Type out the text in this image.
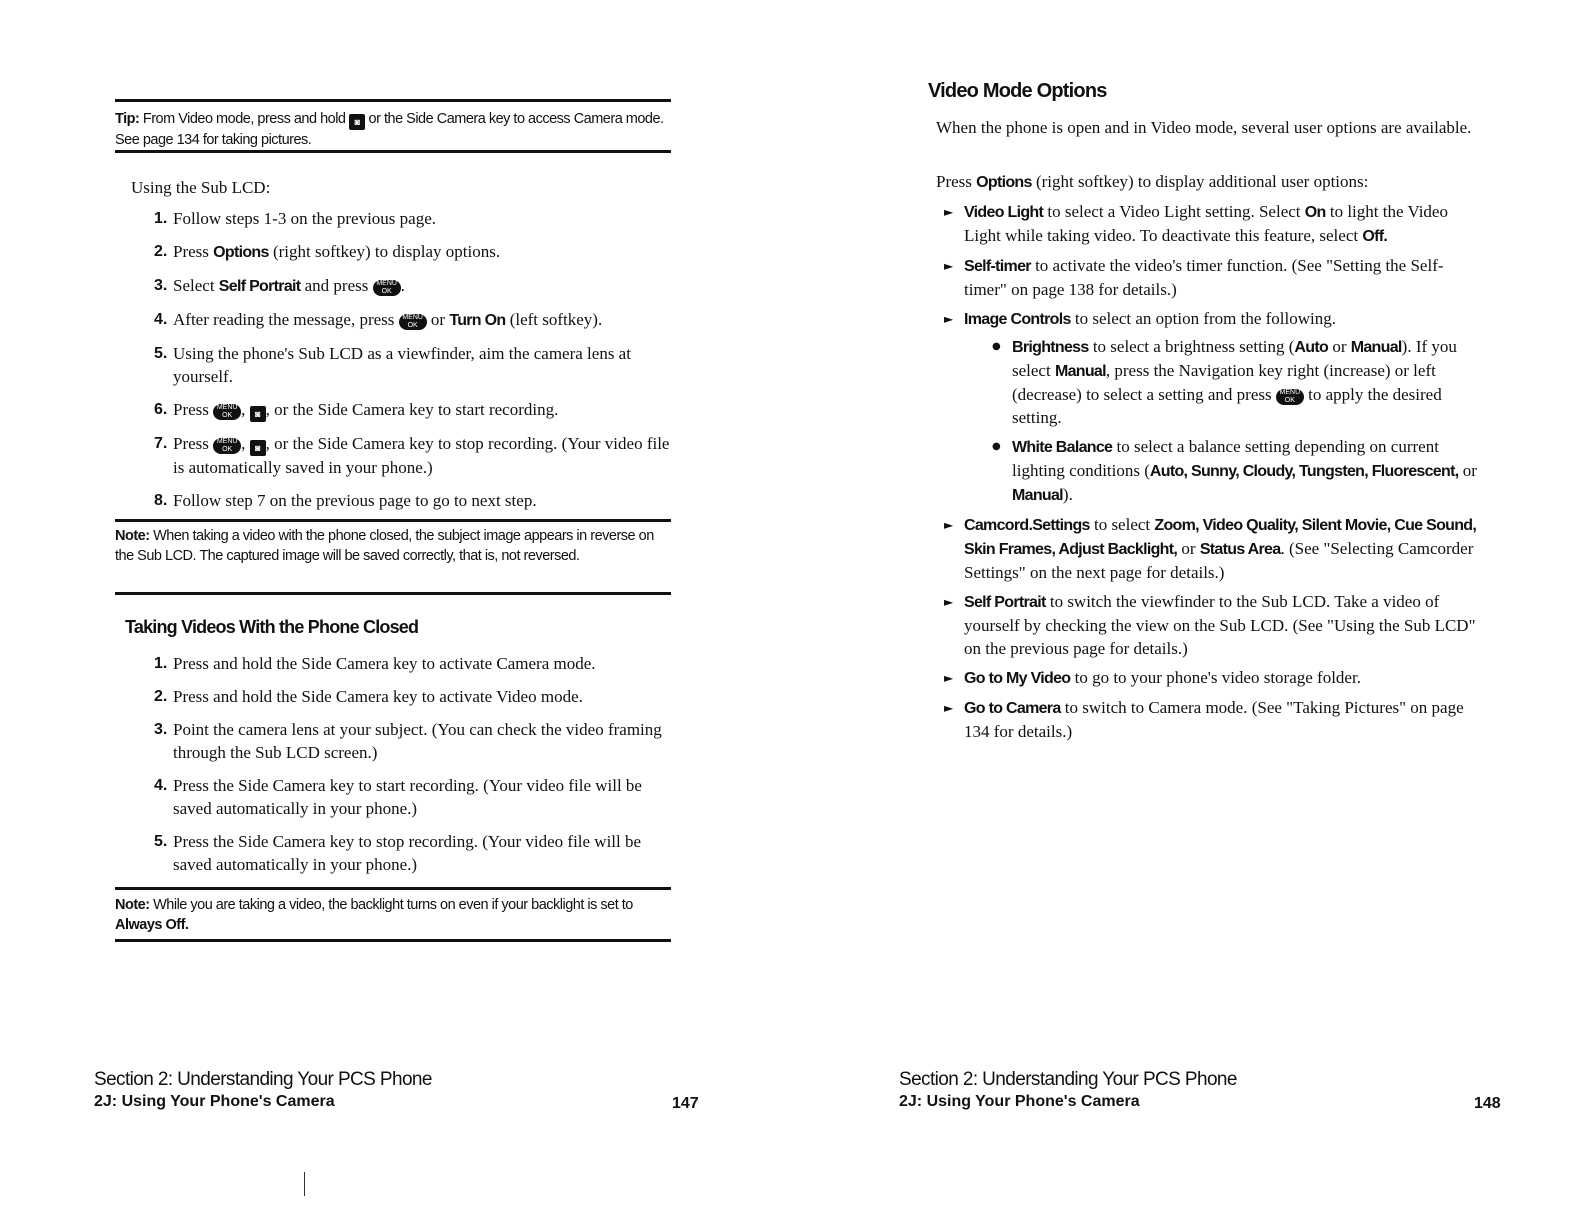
Tip: From Video mode, press and hold ◙ or the Side Camera key to access Camera mode. See page 134 for taking pictures.
Using the Sub LCD:
1. Follow steps 1-3 on the previous page.
2. Press Options (right softkey) to display options.
3. Select Self Portrait and press MENU OK .
4. After reading the message, press MENU OK or Turn On (left softkey).
5. Using the phone's Sub LCD as a viewfinder, aim the camera lens at yourself.
6. Press MENU OK , ◙ , or the Side Camera key to start recording.
7. Press MENU OK , ◙ , or the Side Camera key to stop recording. (Your video file is automatically saved in your phone.)
8. Follow step 7 on the previous page to go to next step.
Note: When taking a video with the phone closed, the subject image appears in reverse on the Sub LCD. The captured image will be saved correctly, that is, not reversed.
Taking Videos With the Phone Closed
1. Press and hold the Side Camera key to activate Camera mode.
2. Press and hold the Side Camera key to activate Video mode.
3. Point the camera lens at your subject. (You can check the video framing through the Sub LCD screen.)
4. Press the Side Camera key to start recording. (Your video file will be saved automatically in your phone.)
5. Press the Side Camera key to stop recording. (Your video file will be saved automatically in your phone.)
Note: While you are taking a video, the backlight turns on even if your backlight is set to Always Off.
Section 2: Understanding Your PCS Phone
2J: Using Your Phone's Camera	147
Video Mode Options
When the phone is open and in Video mode, several user options are available.
Press Options (right softkey) to display additional user options:
► Video Light to select a Video Light setting. Select On to light the Video Light while taking video. To deactivate this feature, select Off.
► Self-timer to activate the video's timer function. (See "Setting the Self-timer" on page 138 for details.)
► Image Controls to select an option from the following.
● Brightness to select a brightness setting (Auto or Manual). If you select Manual, press the Navigation key right (increase) or left (decrease) to select a setting and press MENU OK to apply the desired setting.
● White Balance to select a balance setting depending on current lighting conditions (Auto, Sunny, Cloudy, Tungsten, Fluorescent, or Manual).
► Camcord.Settings to select Zoom, Video Quality, Silent Movie, Cue Sound, Skin Frames, Adjust Backlight, or Status Area. (See "Selecting Camcorder Settings" on the next page for details.)
► Self Portrait to switch the viewfinder to the Sub LCD. Take a video of yourself by checking the view on the Sub LCD. (See "Using the Sub LCD" on the previous page for details.)
► Go to My Video to go to your phone's video storage folder.
► Go to Camera to switch to Camera mode. (See "Taking Pictures" on page 134 for details.)
Section 2: Understanding Your PCS Phone
2J: Using Your Phone's Camera	148
